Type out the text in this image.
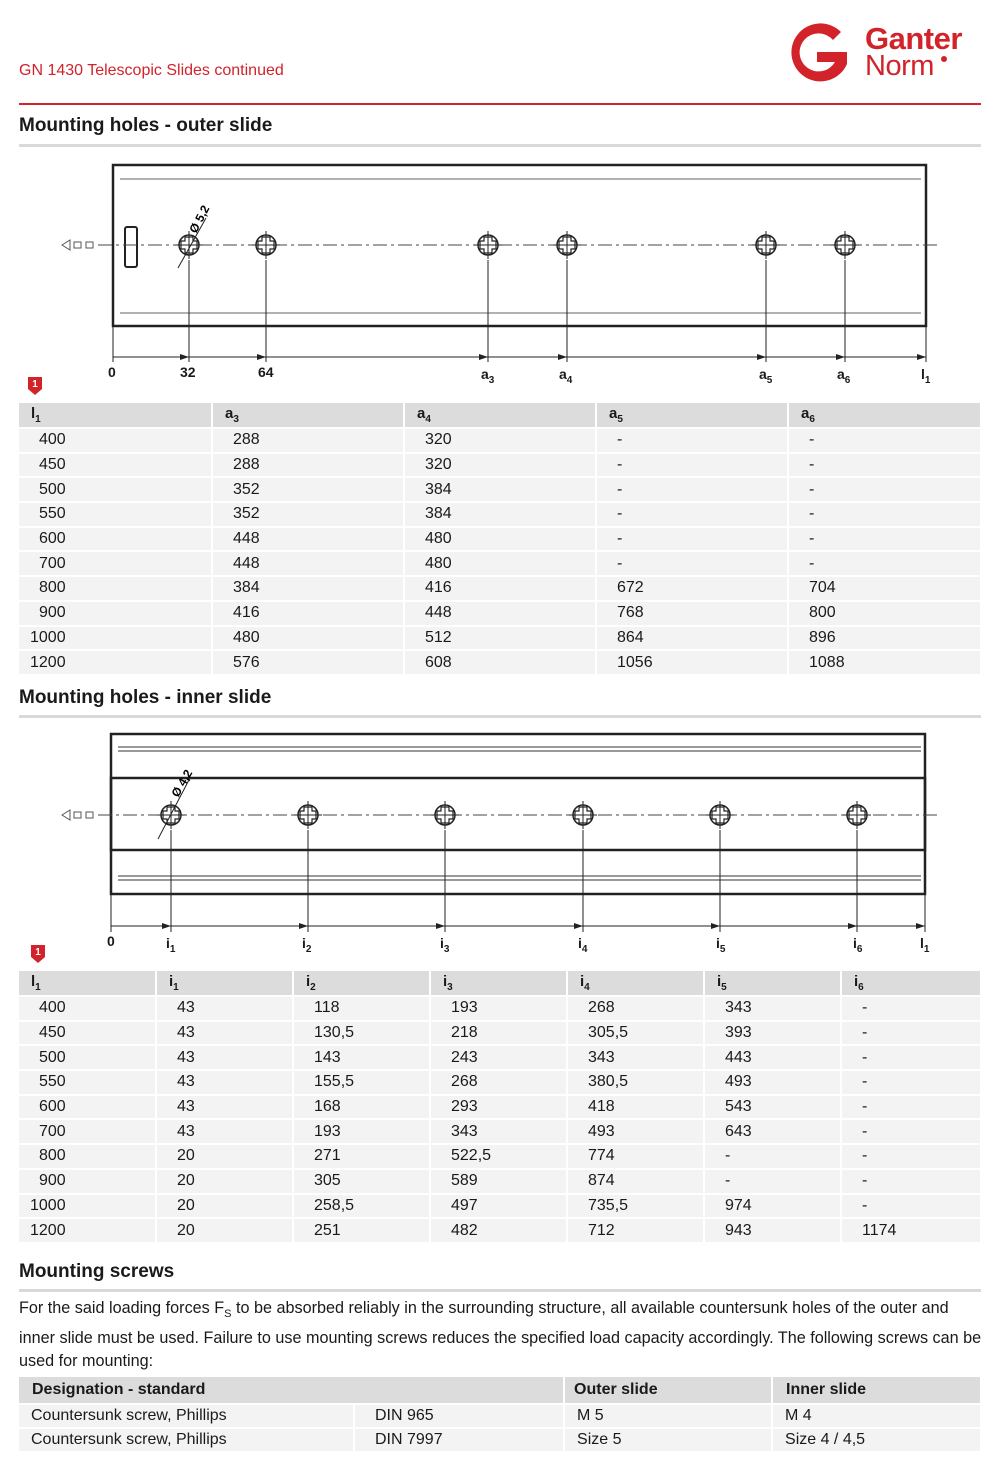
GN 1430 Telescopic Slides continued
Ganter
Norm
Mounting holes - outer slide
Ø 5,2
0	32	64	$a_3$	$a_4$	$a_5$	$a_6$	$l_1$
1
$l_1$	$a_3$	$a_4$	$a_5$	$a_6$
400	288	320	-	-
450	288	320	-	-
500	352	384	-	-
550	352	384	-	-
600	448	480	-	-
700	448	480	-	-
800	384	416	672	704
900	416	448	768	800
1000	480	512	864	896
1200	576	608	1056	1088
Mounting holes - inner slide
Ø 4,2
0	$i_1$	$i_2$	$i_3$	$i_4$	$i_5$	$i_6$	$l_1$
1
$l_1$	$i_1$	$i_2$	$i_3$	$i_4$	$i_5$	$i_6$
400	43	118	193	268	343	-
450	43	130,5	218	305,5	393	-
500	43	143	243	343	443	-
550	43	155,5	268	380,5	493	-
600	43	168	293	418	543	-
700	43	193	343	493	643	-
800	20	271	522,5	774	-	-
900	20	305	589	874	-	-
1000	20	258,5	497	735,5	974	-
1200	20	251	482	712	943	1174
Mounting screws
For the said loading forces $F_S$ to be absorbed reliably in the surrounding structure, all available countersunk holes of the outer and inner slide must be used. Failure to use mounting screws reduces the specified load capacity accordingly. The following screws can be used for mounting:
Designation - standard		Outer slide	Inner slide
Countersunk screw, Phillips	DIN 965	M 5	M 4
Countersunk screw, Phillips	DIN 7997	Size 5	Size 4 / 4,5
